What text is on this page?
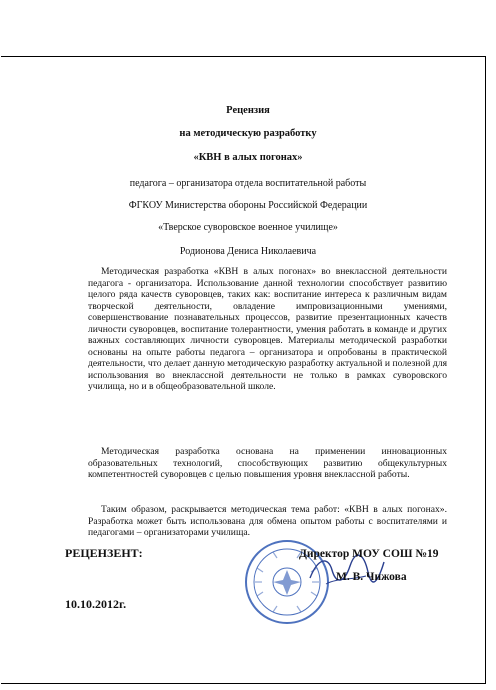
Рецензия
на методическую разработку
«КВН в алых погонах»
педагога – организатора отдела воспитательной работы
ФГКОУ Министерства обороны Российской Федерации
«Тверское суворовское военное училище»
Родионова Дениса Николаевича

Методическая разработка «КВН в алых погонах» во внеклассной деятельности педагога - организатора. Использование данной технологии способствует развитию целого ряда качеств суворовцев, таких как: воспитание интереса к различным видам творческой деятельности, овладение импровизационными умениями, совершенствование познавательных процессов, развитие презентационных качеств личности суворовцев, воспитание толерантности, умения работать в команде и других важных составляющих личности суворовцев. Материалы методической разработки основаны на опыте работы педагога – организатора и опробованы в практической деятельности, что делает данную методическую разработку актуальной и полезной для использования во внеклассной деятельности не только в рамках суворовского училища, но и в общеобразовательной школе.

Методическая разработка основана на применении инновационных образовательных технологий, способствующих развитию общекультурных компетентностей суворовцев с целью повышения уровня внеклассной работы.

Таким образом, раскрывается методическая тема работ: «КВН в алых погонах». Разработка может быть использована для обмена опытом работы с воспитателями и педагогами – организаторами училища.

РЕЦЕНЗЕНТ:	Директор МОУ СОШ №19
М. В. Чижова
10.10.2012г.
